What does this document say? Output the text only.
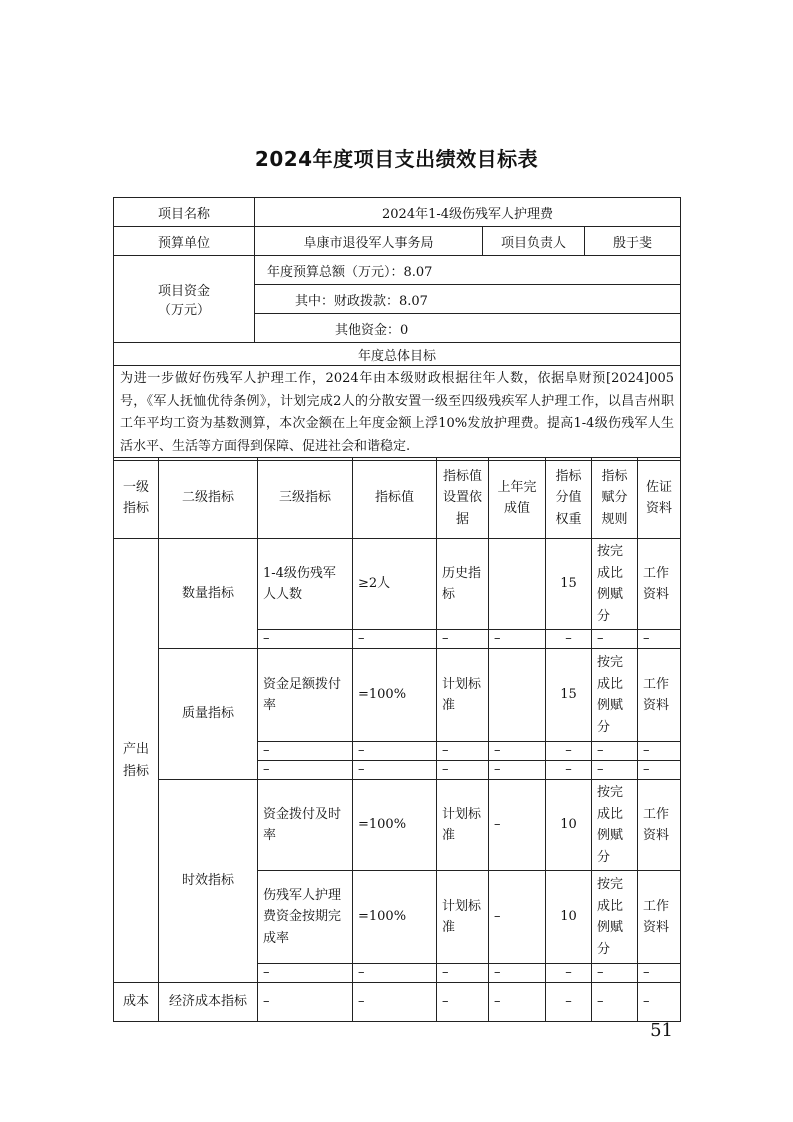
2024年度项目支出绩效目标表
项目名称	2024年1-4级伤残军人护理费		
预算单位	阜康市退役军人事务局	项目负责人	殷于斐

项目资金
（万元）	年度预算总额（万元）：8.07		
	其中：财政拨款：8.07		
	其他资金：0		
年度总体目标			
为进一步做好伤残军人护理工作，2024年由本级财政根据往年人数，依据阜财预[2024]005号，《军人抚恤优待条例》，计划完成2人的分散安置一级至四级残疾军人护理工作，以昌吉州职工年平均工资为基数测算，本次金额在上年度金额上浮10%发放护理费。提高1-4级伤残军人生活水平、生活等方面得到保障、促进社会和谐稳定.			
一级指标	二级指标	三级指标	指标值	指标值设置依据	上年完成值	指标分值权重	指标赋分规则	佐证资料
产出指标	数量指标	1-4级伤残军人人数	≥2人	历史指标		15	按完成比例赋分	工作资料
		–	–	–	–	–	–	–
	质量指标	资金足额拨付率	=100%	计划标准		15	按完成比例赋分	工作资料
		–	–	–	–	–	–	–
		–	–	–	–	–	–	–
	时效指标	资金拨付及时率	=100%	计划标准	–	10	按完成比例赋分	工作资料
		伤残军人护理费资金按期完成率	=100%	计划标准	–	10	按完成比例赋分	工作资料
		–	–	–	–	–	–	–
成本	经济成本指标	–	–	–	–	–	–	–
51
